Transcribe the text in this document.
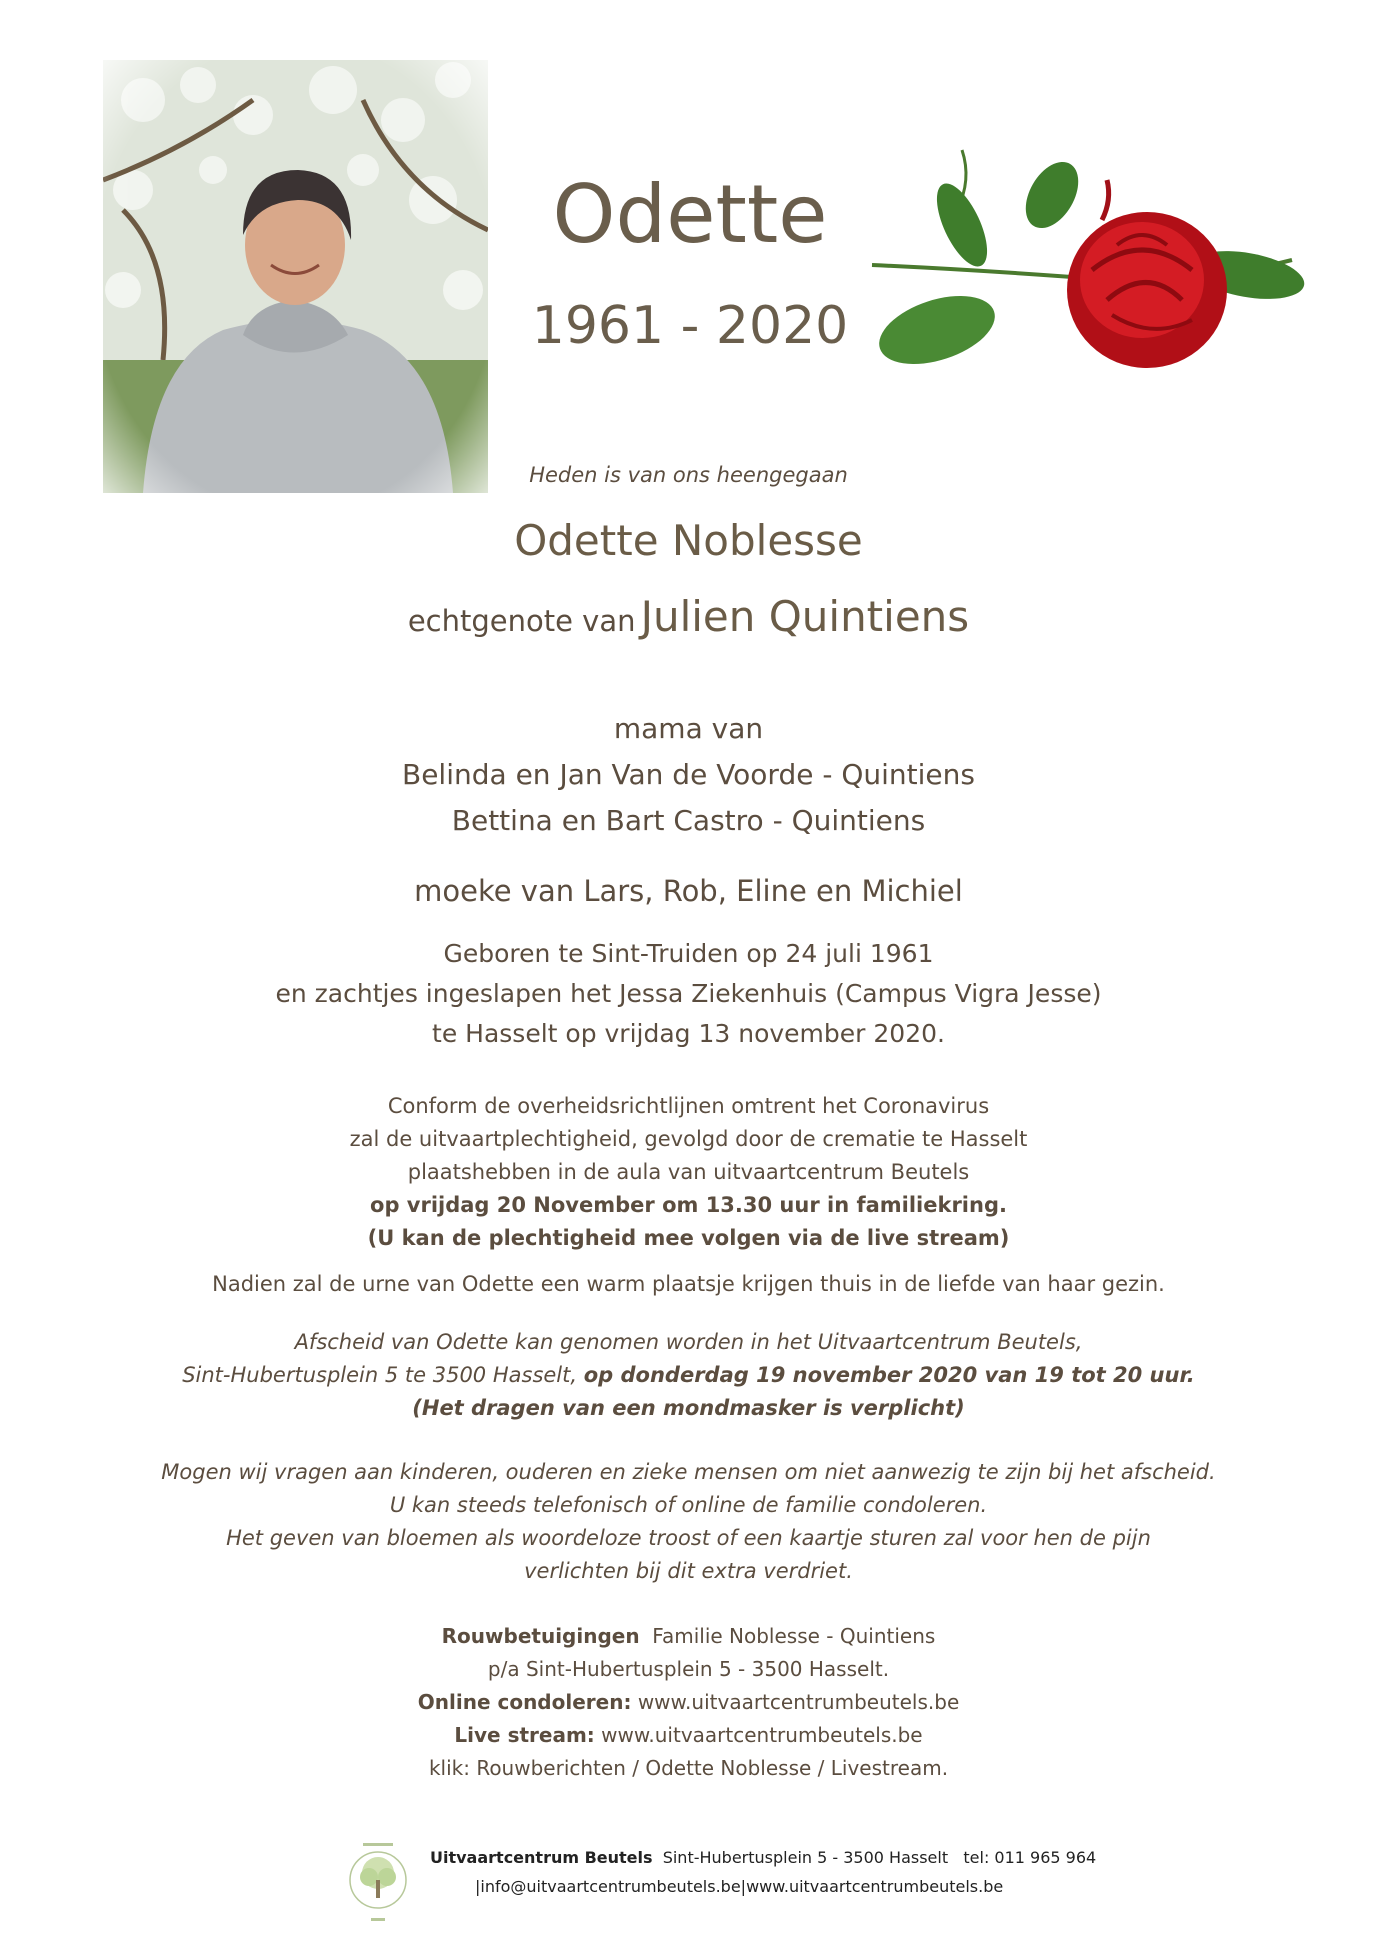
Odette
1961 - 2020
Heden is van ons heengegaan
Odette Noblesse
echtgenote van Julien Quintiens
mama van
Belinda en Jan Van de Voorde - Quintiens
Bettina en Bart Castro - Quintiens
moeke van Lars, Rob, Eline en Michiel
Geboren te Sint-Truiden op 24 juli 1961
en zachtjes ingeslapen het Jessa Ziekenhuis (Campus Vigra Jesse)
te Hasselt op vrijdag 13 november 2020.
Conform de overheidsrichtlijnen omtrent het Coronavirus
zal de uitvaartplechtigheid, gevolgd door de crematie te Hasselt
plaatshebben in de aula van uitvaartcentrum Beutels
op vrijdag 20 November om 13.30 uur in familiekring.
(U kan de plechtigheid mee volgen via de live stream)
Nadien zal de urne van Odette een warm plaatsje krijgen thuis in de liefde van haar gezin.
Afscheid van Odette kan genomen worden in het Uitvaartcentrum Beutels,
Sint-Hubertusplein 5 te 3500 Hasselt, op donderdag 19 november 2020 van 19 tot 20 uur.
(Het dragen van een mondmasker is verplicht)
Mogen wij vragen aan kinderen, ouderen en zieke mensen om niet aanwezig te zijn bij het afscheid.
U kan steeds telefonisch of online de familie condoleren.
Het geven van bloemen als woordeloze troost of een kaartje sturen zal voor hen de pijn
verlichten bij dit extra verdriet.
Rouwbetuigingen Familie Noblesse - Quintiens
p/a Sint-Hubertusplein 5 - 3500 Hasselt.
Online condoleren: www.uitvaartcentrumbeutels.be
Live stream: www.uitvaartcentrumbeutels.be
klik: Rouwberichten / Odette Noblesse / Livestream.
Uitvaartcentrum Beutels Sint-Hubertusplein 5 - 3500 Hasselt tel: 011 965 964
|info@uitvaartcentrumbeutels.be|www.uitvaartcentrumbeutels.be
